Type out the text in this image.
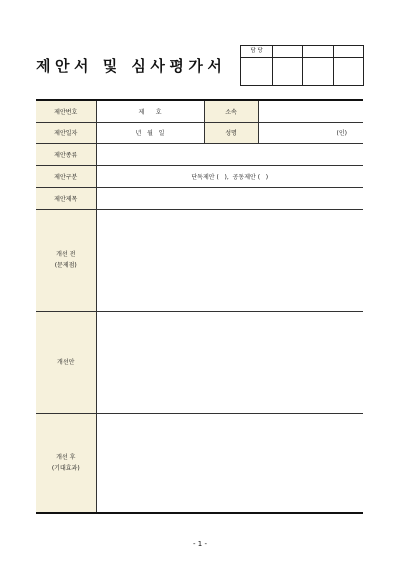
제안서 및 심사평가서
담 당			

제안번호	제      호	소속	
제안일자	년   월   일	성명	(인)
제안종류			
제안구분	단독제안 (   ),  공동제안 (   )		
제안제목			

개선 전
(문제점)			

개선안			

개선 후
(기대효과)			

- 1 -
